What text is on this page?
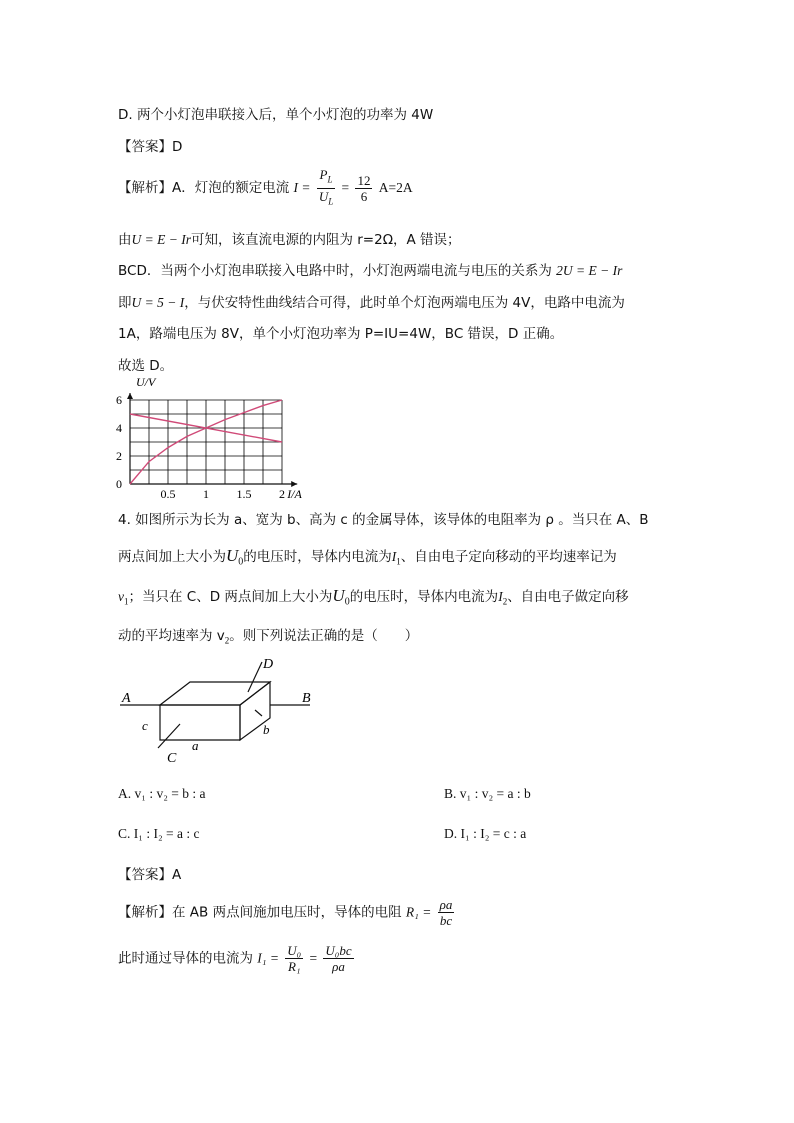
D. 两个小灯泡串联接入后，单个小灯泡的功率为 4W
【答案】D
【解析】A．灯泡的额定电流 $I = \frac{P_L}{U_L} = \frac{12}{6} A=2A$
由U = E − Ir可知，该直流电源的内阻为 r=2Ω，A 错误；
BCD．当两个小灯泡串联接入电路中时，小灯泡两端电流与电压的关系为 2U = E − Ir
即U = 5 − I，与伏安特性曲线结合可得，此时单个灯泡两端电压为 4V，电路中电流为
1A，路端电压为 8V，单个小灯泡功率为 P=IU=4W，BC 错误，D 正确。
故选 D。
0.5 1 1.5 2
0
2
4
6
I/A
U/V
4. 如图所示为长为 a、宽为 b、高为 c 的金属导体，该导体的电阻率为 ρ 。当只在 A、B
两点间加上大小为$U_0$的电压时，导体内电流为$I_1$、自由电子定向移动的平均速率记为
$v_1$；当只在 C、D 两点间加上大小为$U_0$的电压时，导体内电流为$I_2$、自由电子做定向移
动的平均速率为 $v_2$。则下列说法正确的是（　　）
A	B
D
C
a
b
c
A. v₁ : v₂ = b : a	B. v₁ : v₂ = a : b
C. I₁ : I₂ = a : c	D. I₁ : I₂ = c : a
【答案】A
【解析】在 AB 两点间施加电压时，导体的电阻 $R_1 = \frac{\rho a}{bc}$
此时通过导体的电流为 $I_1 = \frac{\text{U₀}}{\text{R₁}} = \frac{\text{U₀bc}}{\rho a}$
